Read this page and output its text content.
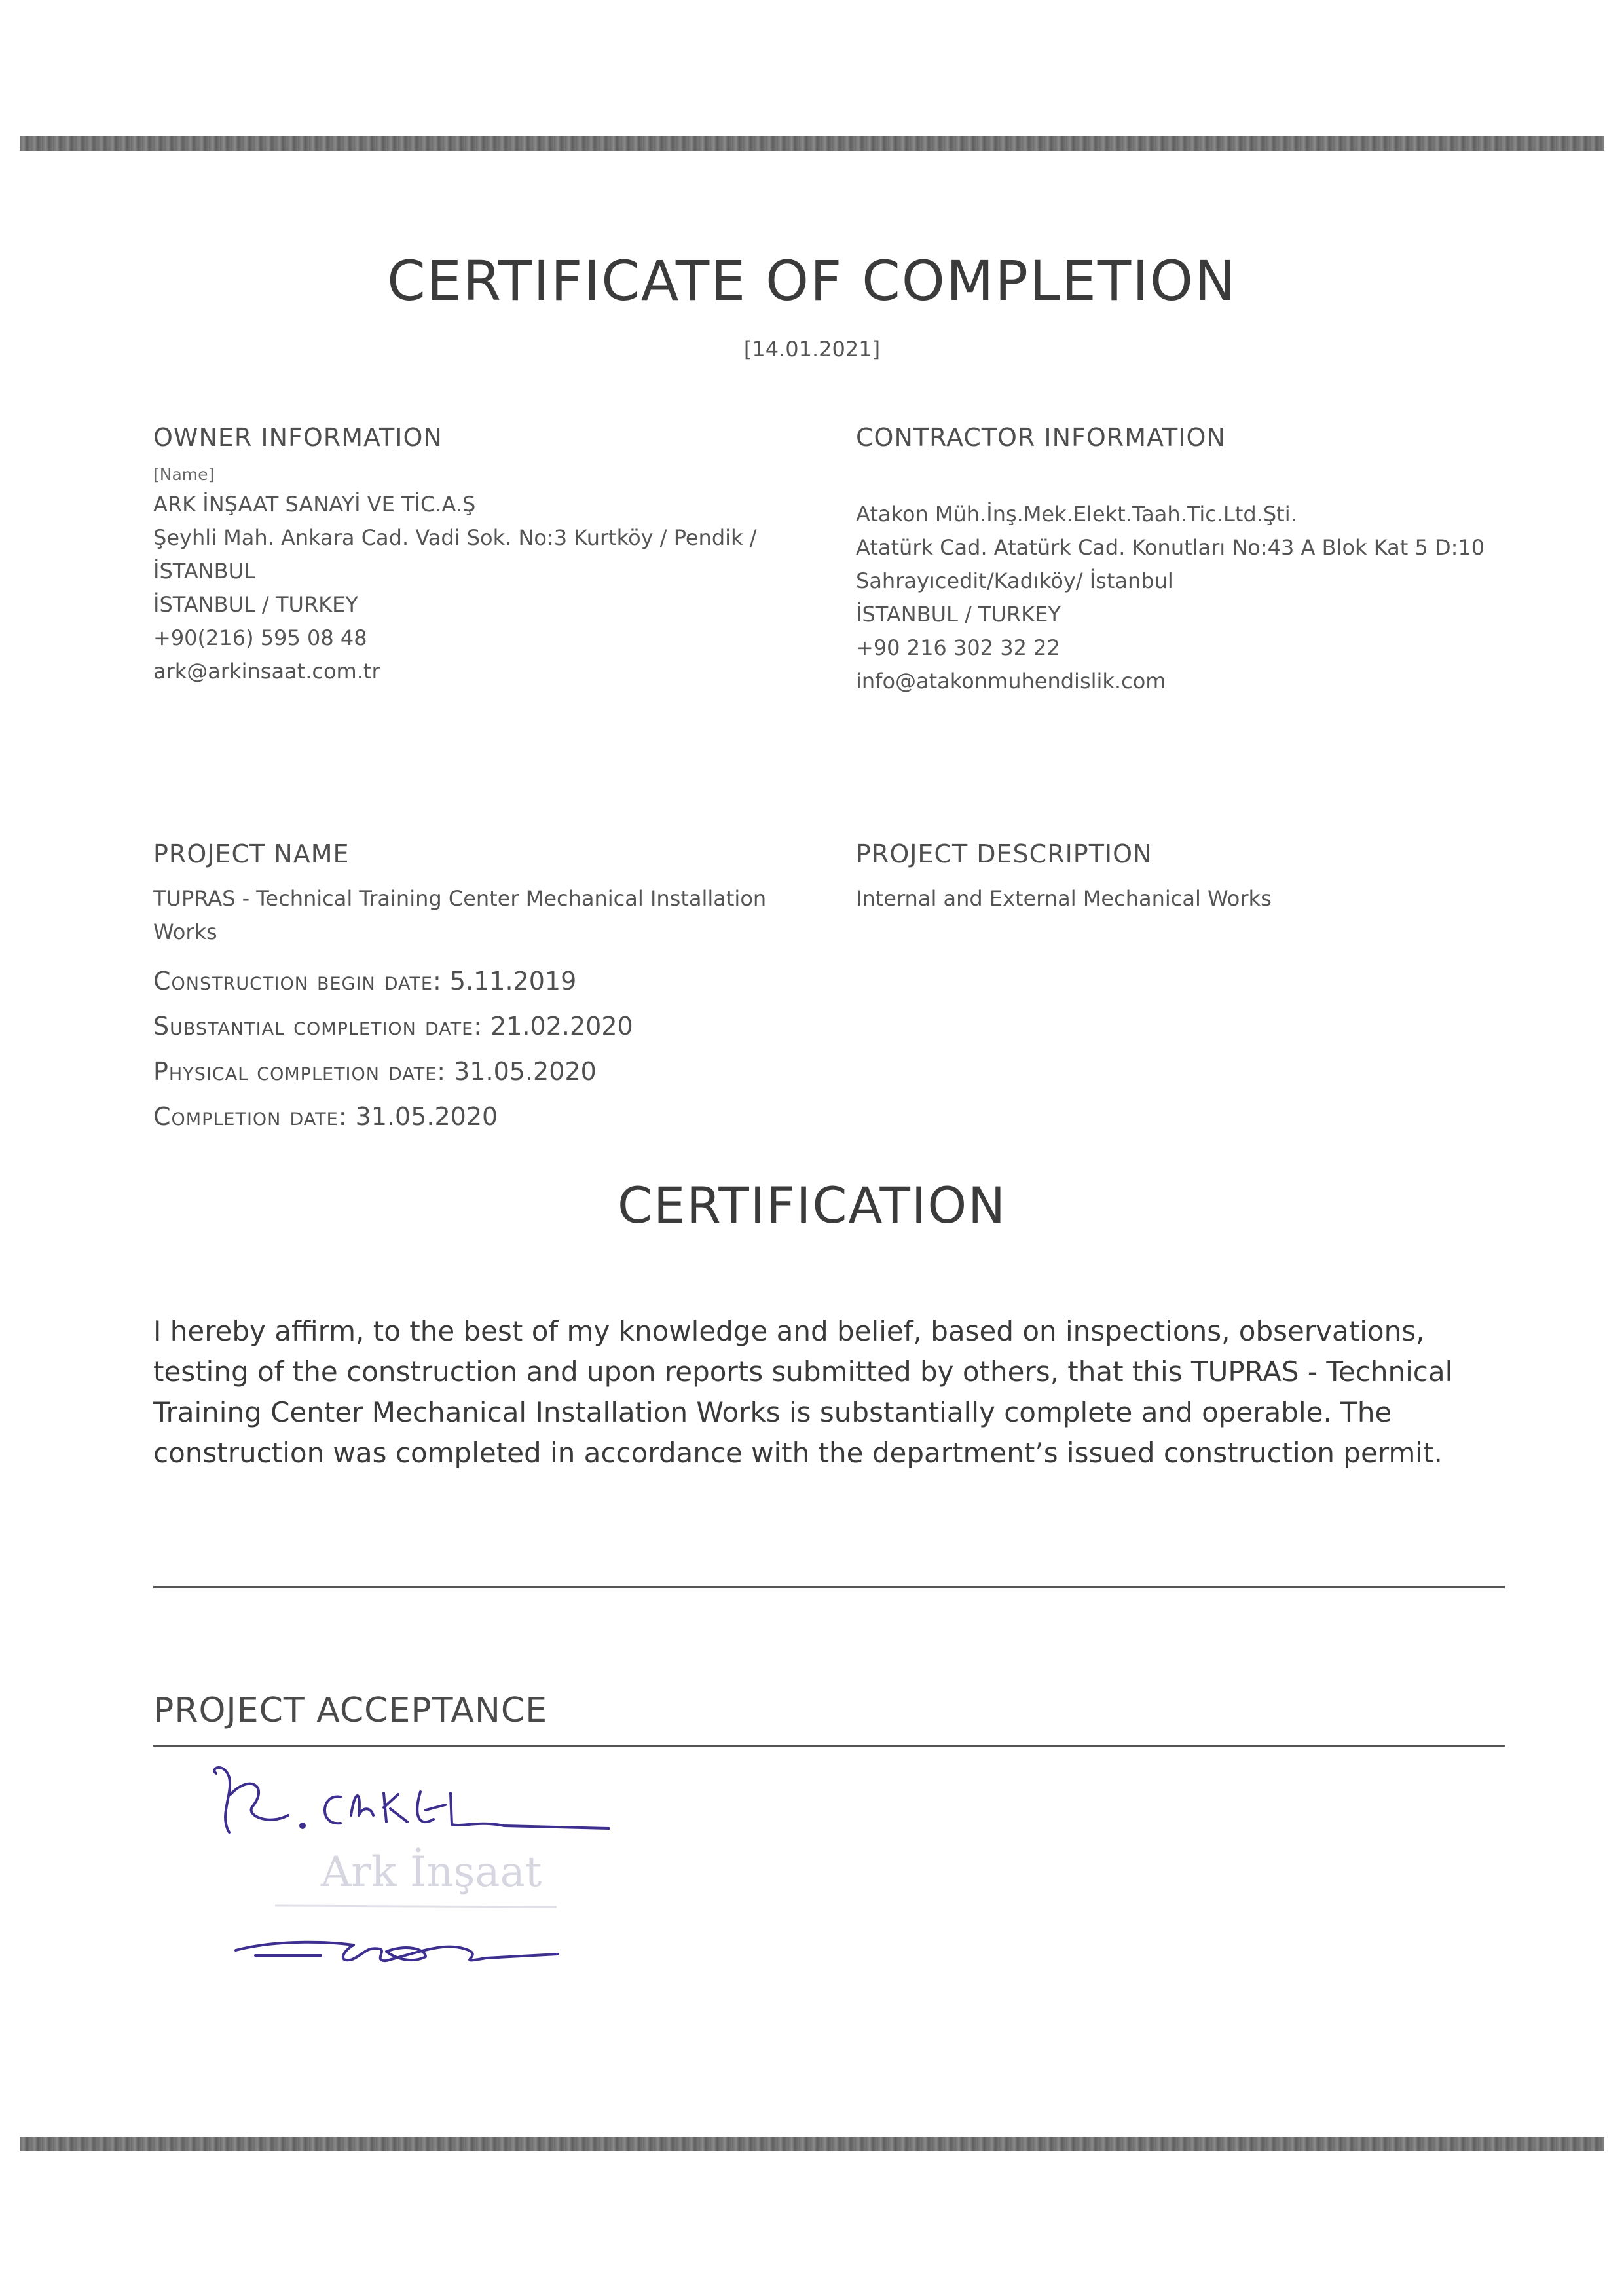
CERTIFICATE OF COMPLETION
[14.01.2021]
OWNER INFORMATION
[Name]
ARK İNŞAAT SANAYİ VE TİC.A.Ş
Şeyhli Mah. Ankara Cad. Vadi Sok. No:3 Kurtköy / Pendik /
İSTANBUL
İSTANBUL / TURKEY
+90(216) 595 08 48
ark@arkinsaat.com.tr
CONTRACTOR INFORMATION
Atakon Müh.İnş.Mek.Elekt.Taah.Tic.Ltd.Şti.
Atatürk Cad. Atatürk Cad. Konutları No:43 A Blok Kat 5 D:10
Sahrayıcedit/Kadıköy/ İstanbul
İSTANBUL / TURKEY
+90 216 302 32 22
info@atakonmuhendislik.com
PROJECT NAME
TUPRAS - Technical Training Center Mechanical Installation Works
PROJECT DESCRIPTION
Internal and External Mechanical Works
Construction begin date: 5.11.2019
Substantial completion date: 21.02.2020
Physical completion date: 31.05.2020
Completion date: 31.05.2020
CERTIFICATION
I hereby affirm, to the best of my knowledge and belief, based on inspections, observations, testing of the construction and upon reports submitted by others, that this TUPRAS - Technical Training Center Mechanical Installation Works is substantially complete and operable. The construction was completed in accordance with the department’s issued construction permit.
PROJECT ACCEPTANCE
Ark İnşaat
R. ÇELİKKOL
